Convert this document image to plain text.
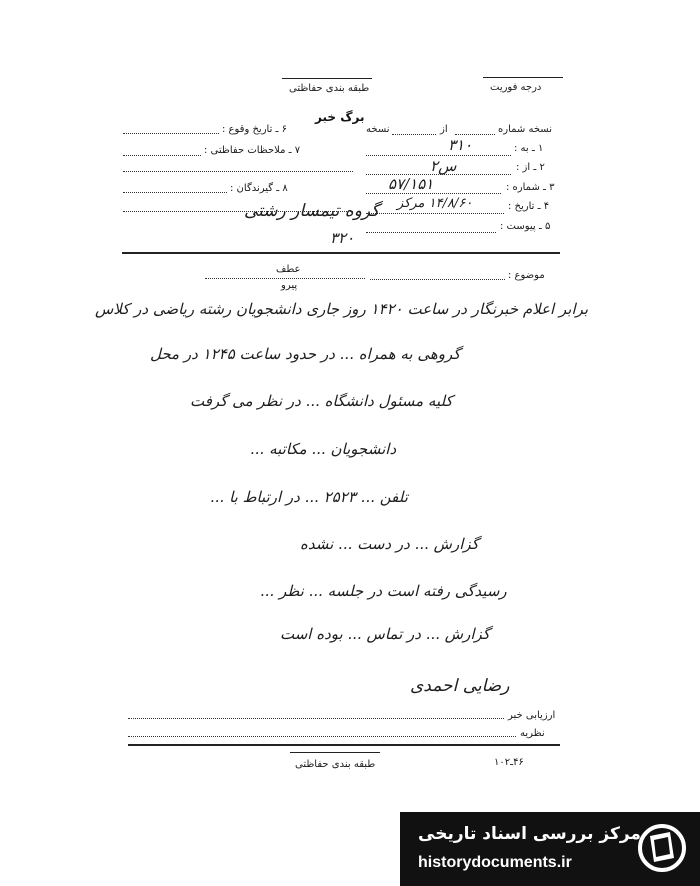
درجه فوریت
طبقه بندی حفاظتی
برگ خبر
نسخه شماره
از
نسخه
۱ ـ به :
۳۱۰
۲ ـ از :
س۲
۳ ـ شماره :
۵۷/۱۵۱
۴ ـ تاریخ :
۱۴/۸/۶۰ مرکز
۵ ـ پیوست :
۶ ـ تاریخ وقوع :
۷ ـ ملاحظات حفاظتی :
۸ ـ گیرندگان :
گروه تیمسار رشتی
۳۲۰
عطف
پیرو
موضوع :
برابر اعلام خبرنگار در ساعت ۱۴۲۰ روز جاری دانشجویان رشته ریاضی در کلاس
گروهی به همراه ... در حدود ساعت ۱۲۴۵ در محل
کلیه مسئول دانشگاه ... در نظر می گرفت
دانشجویان ... مکاتبه ...
تلفن ... ۲۵۲۳ ... در ارتباط با ...
گزارش ... در دست ... نشده
رسیدگی رفته است در جلسه ... نظر ...
گزارش ... در تماس ... بوده است
رضایی احمدی
ارزیابی خبر
نظریه
طبقه بندی حفاظتی	۴۶ـ۱۰۲
مرکز بررسی اسناد تاریخی
historydocuments.ir
